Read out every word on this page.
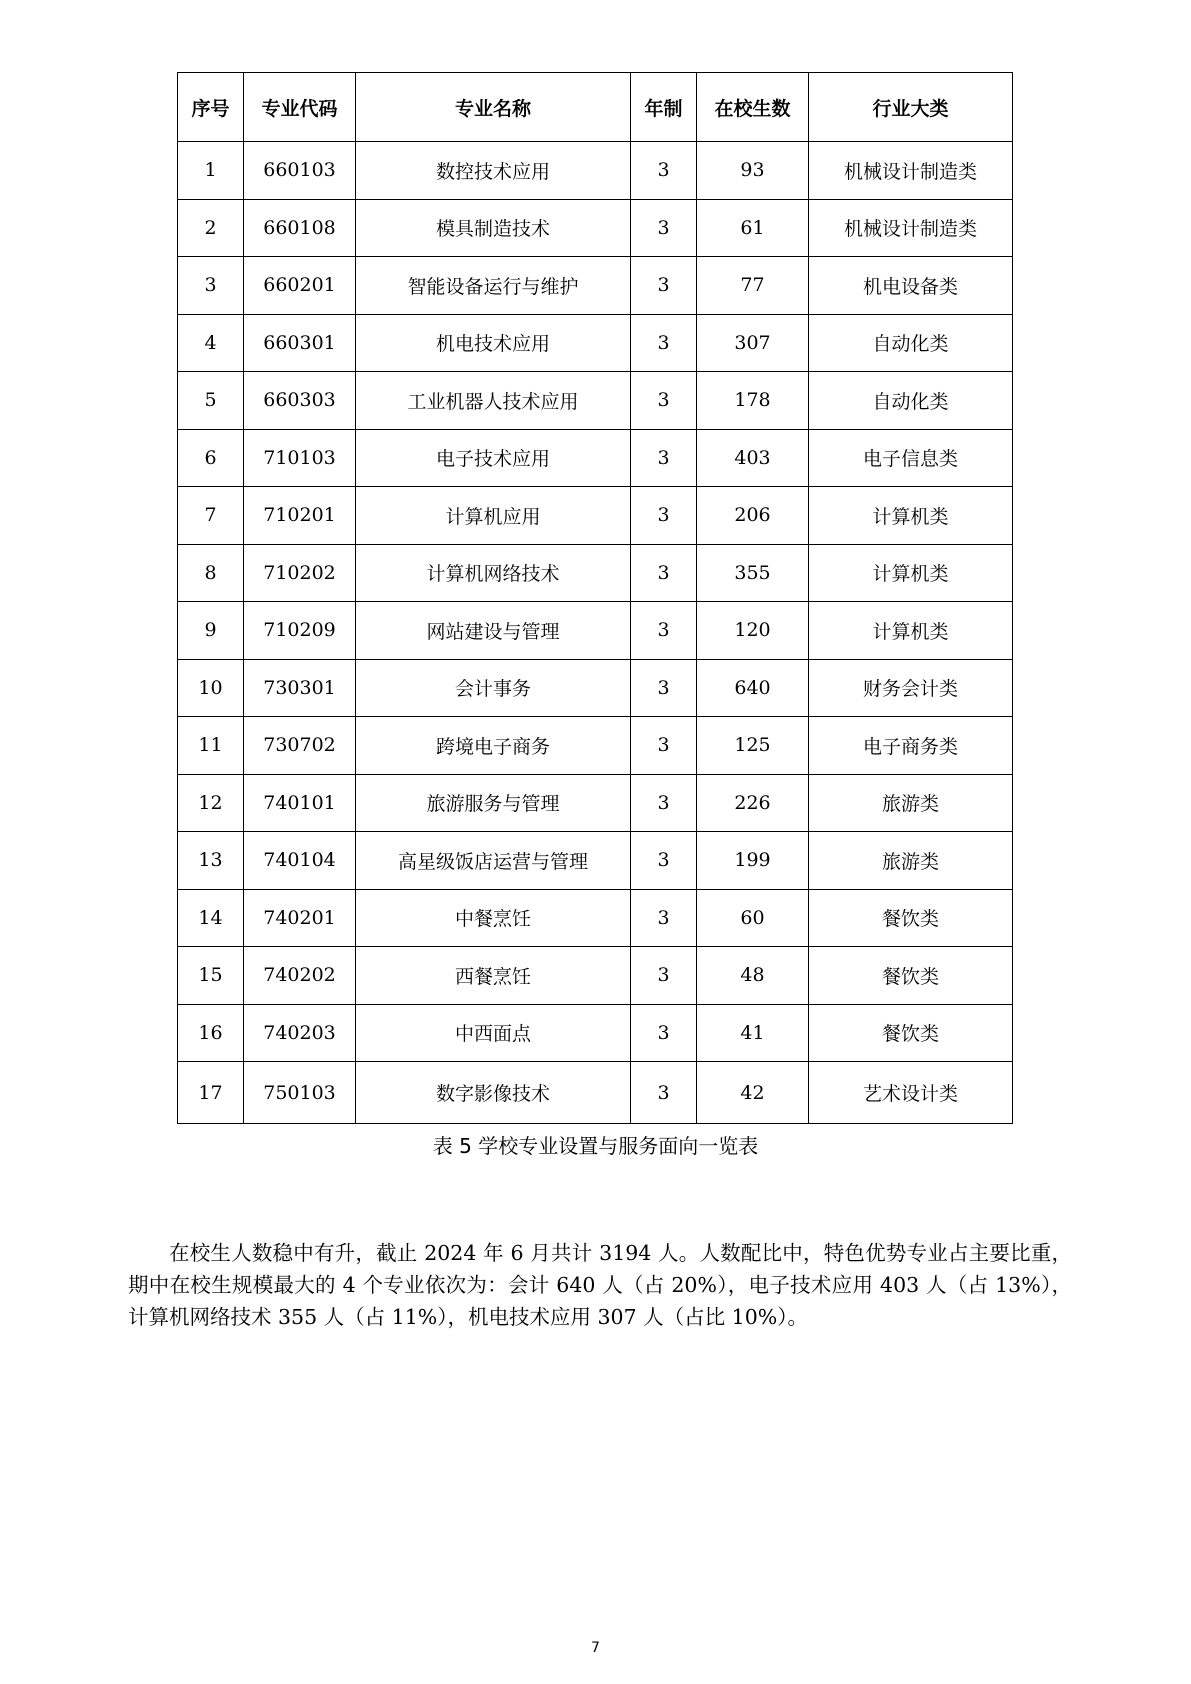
序号	专业代码	专业名称	年制	在校生数	行业大类
1	660103	数控技术应用	3	93	机械设计制造类
2	660108	模具制造技术	3	61	机械设计制造类
3	660201	智能设备运行与维护	3	77	机电设备类
4	660301	机电技术应用	3	307	自动化类
5	660303	工业机器人技术应用	3	178	自动化类
6	710103	电子技术应用	3	403	电子信息类
7	710201	计算机应用	3	206	计算机类
8	710202	计算机网络技术	3	355	计算机类
9	710209	网站建设与管理	3	120	计算机类
10	730301	会计事务	3	640	财务会计类
11	730702	跨境电子商务	3	125	电子商务类
12	740101	旅游服务与管理	3	226	旅游类
13	740104	高星级饭店运营与管理	3	199	旅游类
14	740201	中餐烹饪	3	60	餐饮类
15	740202	西餐烹饪	3	48	餐饮类
16	740203	中西面点	3	41	餐饮类
17	750103	数字影像技术	3	42	艺术设计类
表 5 学校专业设置与服务面向一览表

在校生人数稳中有升，截止 2024 年 6 月共计 3194 人。人数配比中，特色优势专业占主要比重，期中在校生规模最大的 4 个专业依次为：会计 640 人（占 20%），电子技术应用 403 人（占 13%），计算机网络技术 355 人（占 11%），机电技术应用 307 人（占比 10%）。

7
